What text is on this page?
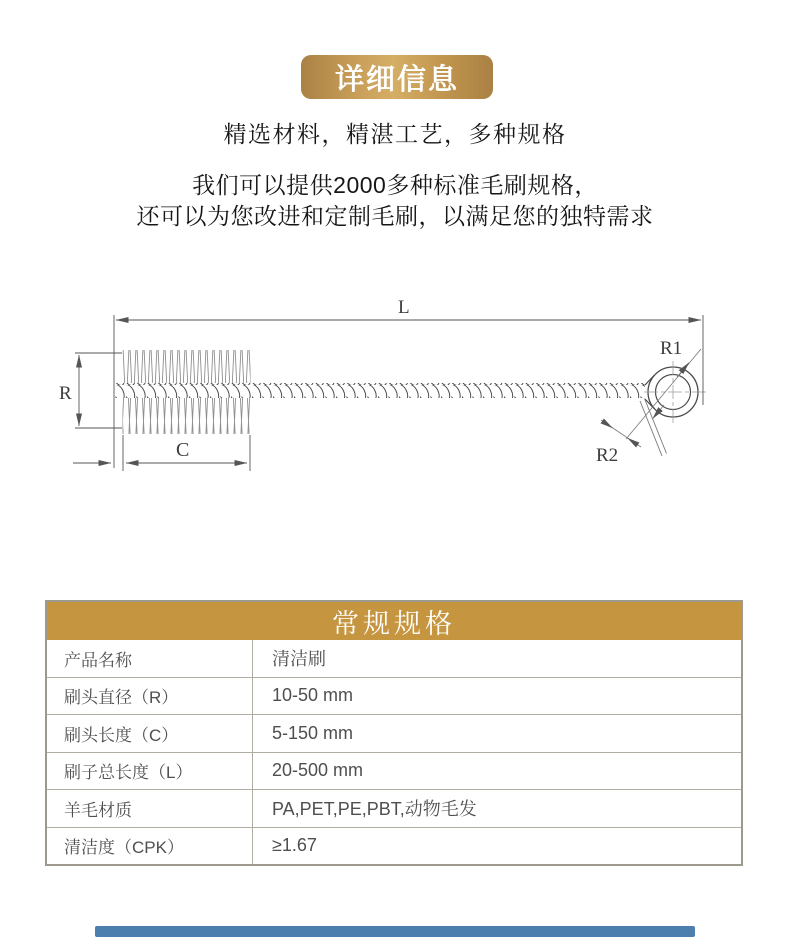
详细信息
精选材料，精湛工艺，多种规格
我们可以提供2000多种标准毛刷规格，
还可以为您改进和定制毛刷，以满足您的独特需求
L
R
C
R1
R2
常规规格
产品名称	清洁刷
刷头直径（R）	10-50 mm
刷头长度（C）	5-150 mm
刷子总长度（L）	20-500 mm
羊毛材质	PA,PET,PE,PBT,动物毛发
清洁度（CPK）	≥1.67
